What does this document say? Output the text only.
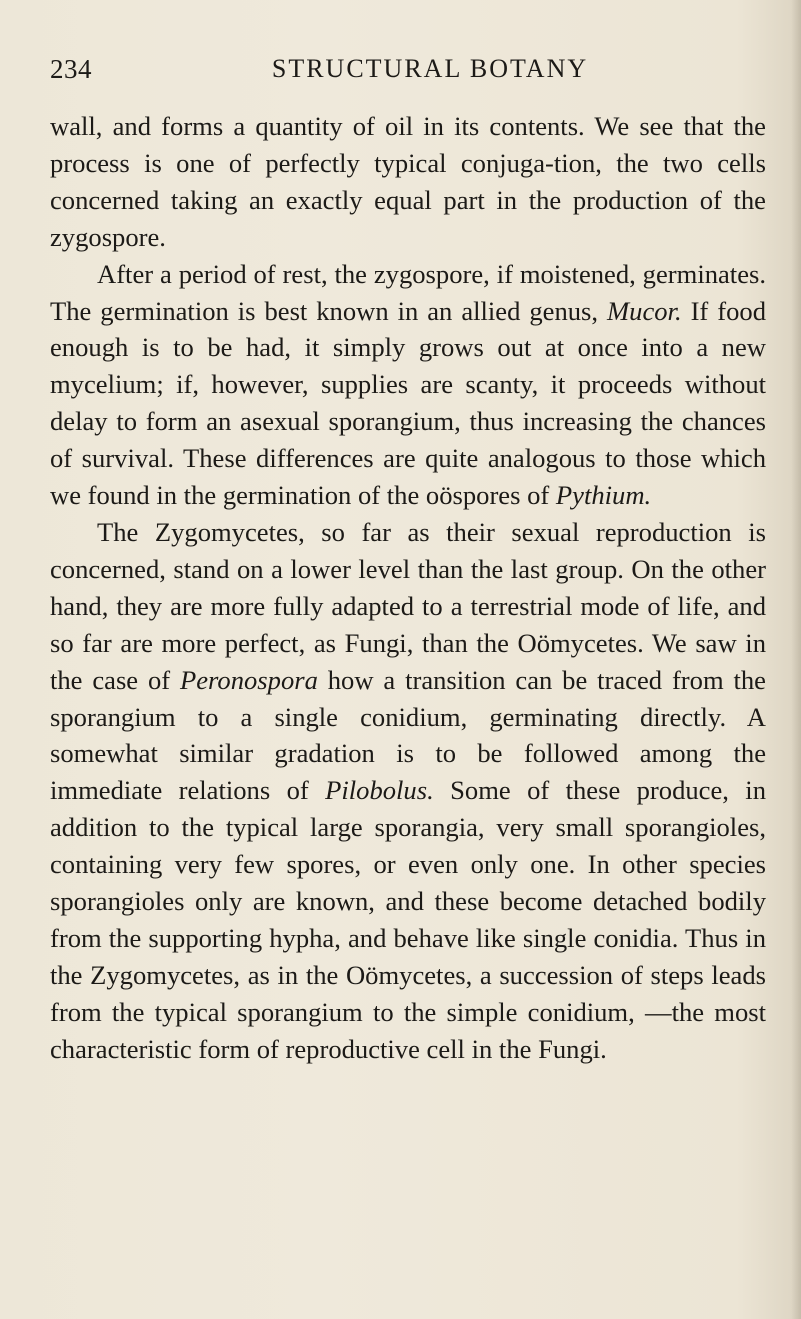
234	STRUCTURAL BOTANY

wall, and forms a quantity of oil in its contents. We see that the process is one of perfectly typical conjuga-tion, the two cells concerned taking an exactly equal part in the production of the zygospore.

After a period of rest, the zygospore, if moistened, germinates. The germination is best known in an allied genus, Mucor. If food enough is to be had, it simply grows out at once into a new mycelium; if, however, supplies are scanty, it proceeds without delay to form an asexual sporangium, thus increasing the chances of survival. These differences are quite analogous to those which we found in the germination of the oöspores of Pythium.

The Zygomycetes, so far as their sexual reproduction is concerned, stand on a lower level than the last group. On the other hand, they are more fully adapted to a terrestrial mode of life, and so far are more perfect, as Fungi, than the Oömycetes. We saw in the case of Peronospora how a transition can be traced from the sporangium to a single conidium, germinating directly. A somewhat similar gradation is to be followed among the immediate relations of Pilobolus. Some of these produce, in addition to the typical large sporangia, very small sporangioles, containing very few spores, or even only one. In other species sporangioles only are known, and these become detached bodily from the supporting hypha, and behave like single conidia. Thus in the Zygomycetes, as in the Oömycetes, a succession of steps leads from the typical sporangium to the simple conidium, —the most characteristic form of reproductive cell in the Fungi.
